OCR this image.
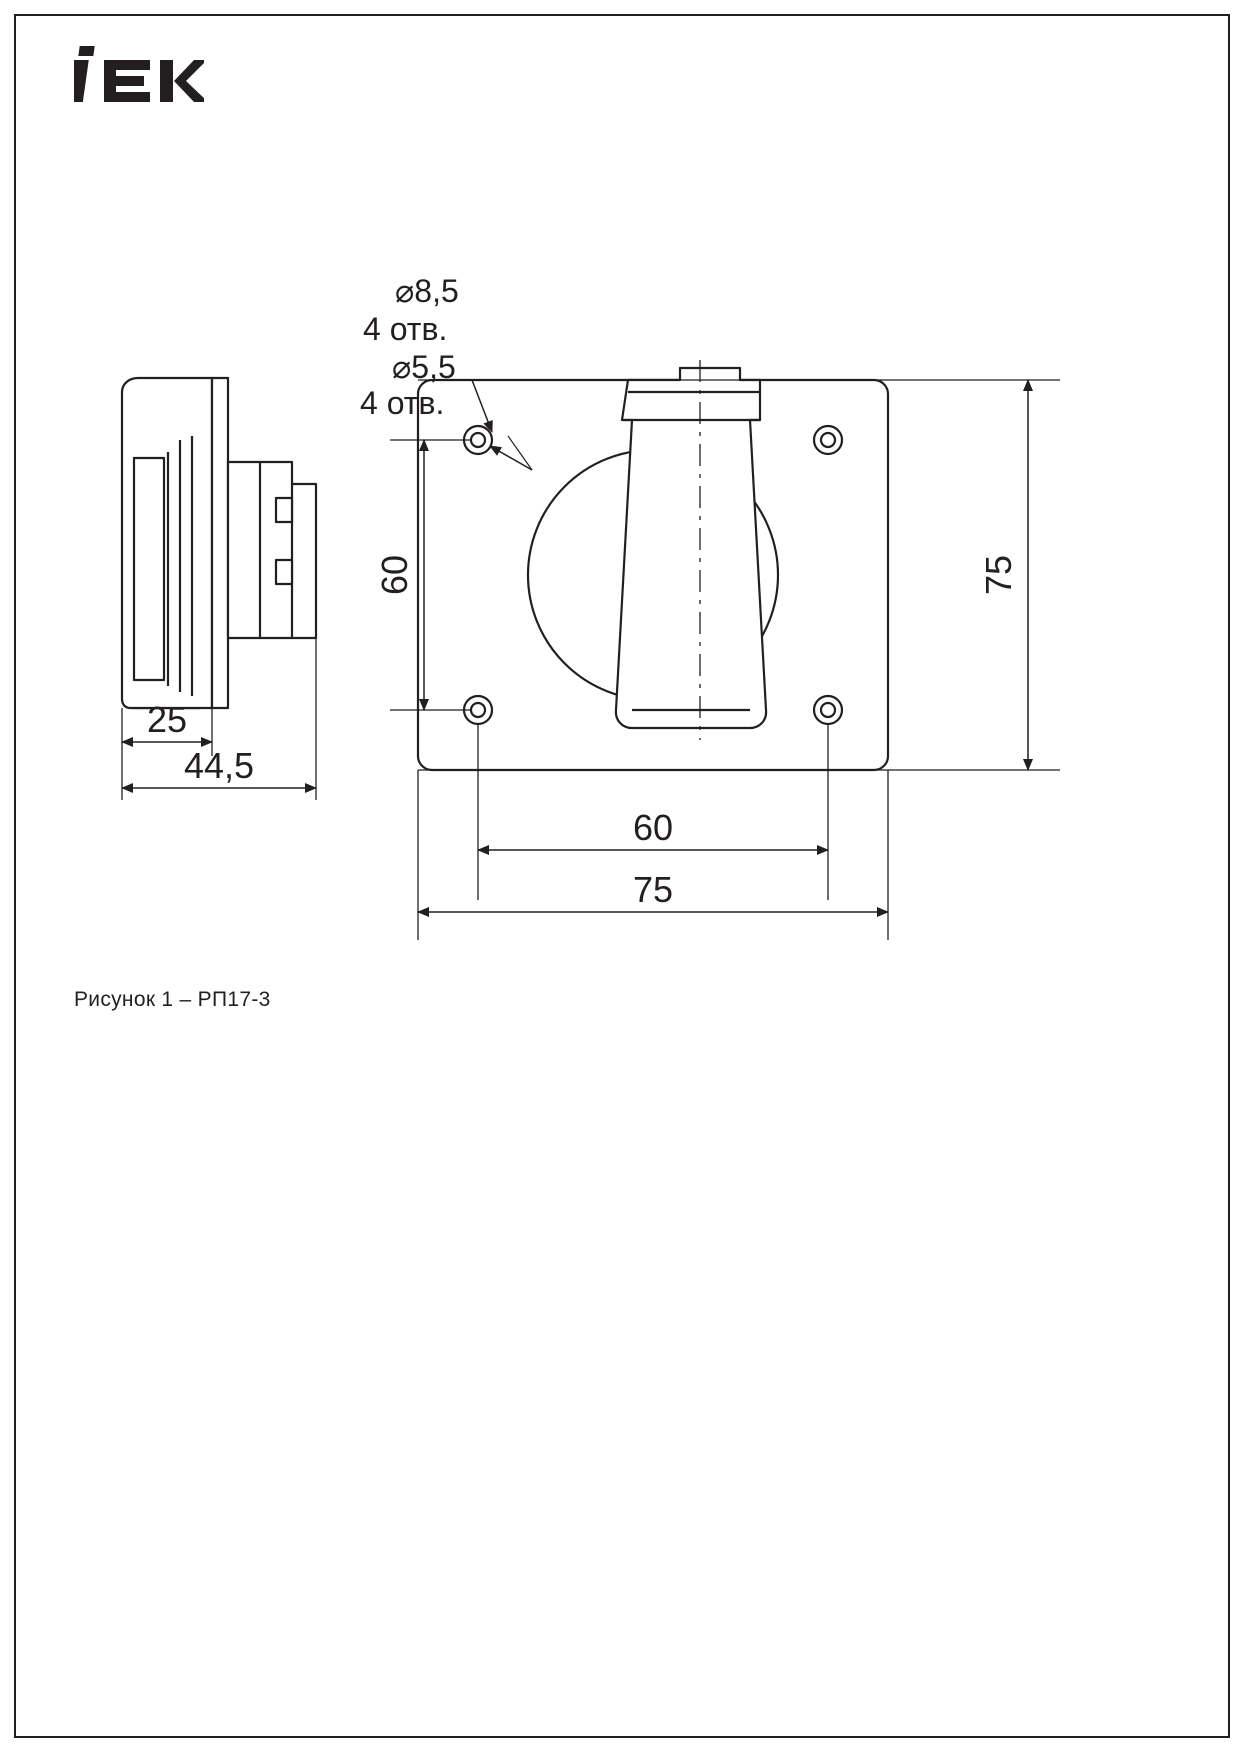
⌀8,5
4 отв.
⌀5,5
4 отв.
60	75
60
75
25
44,5
Рисунок 1 – РП17-3
